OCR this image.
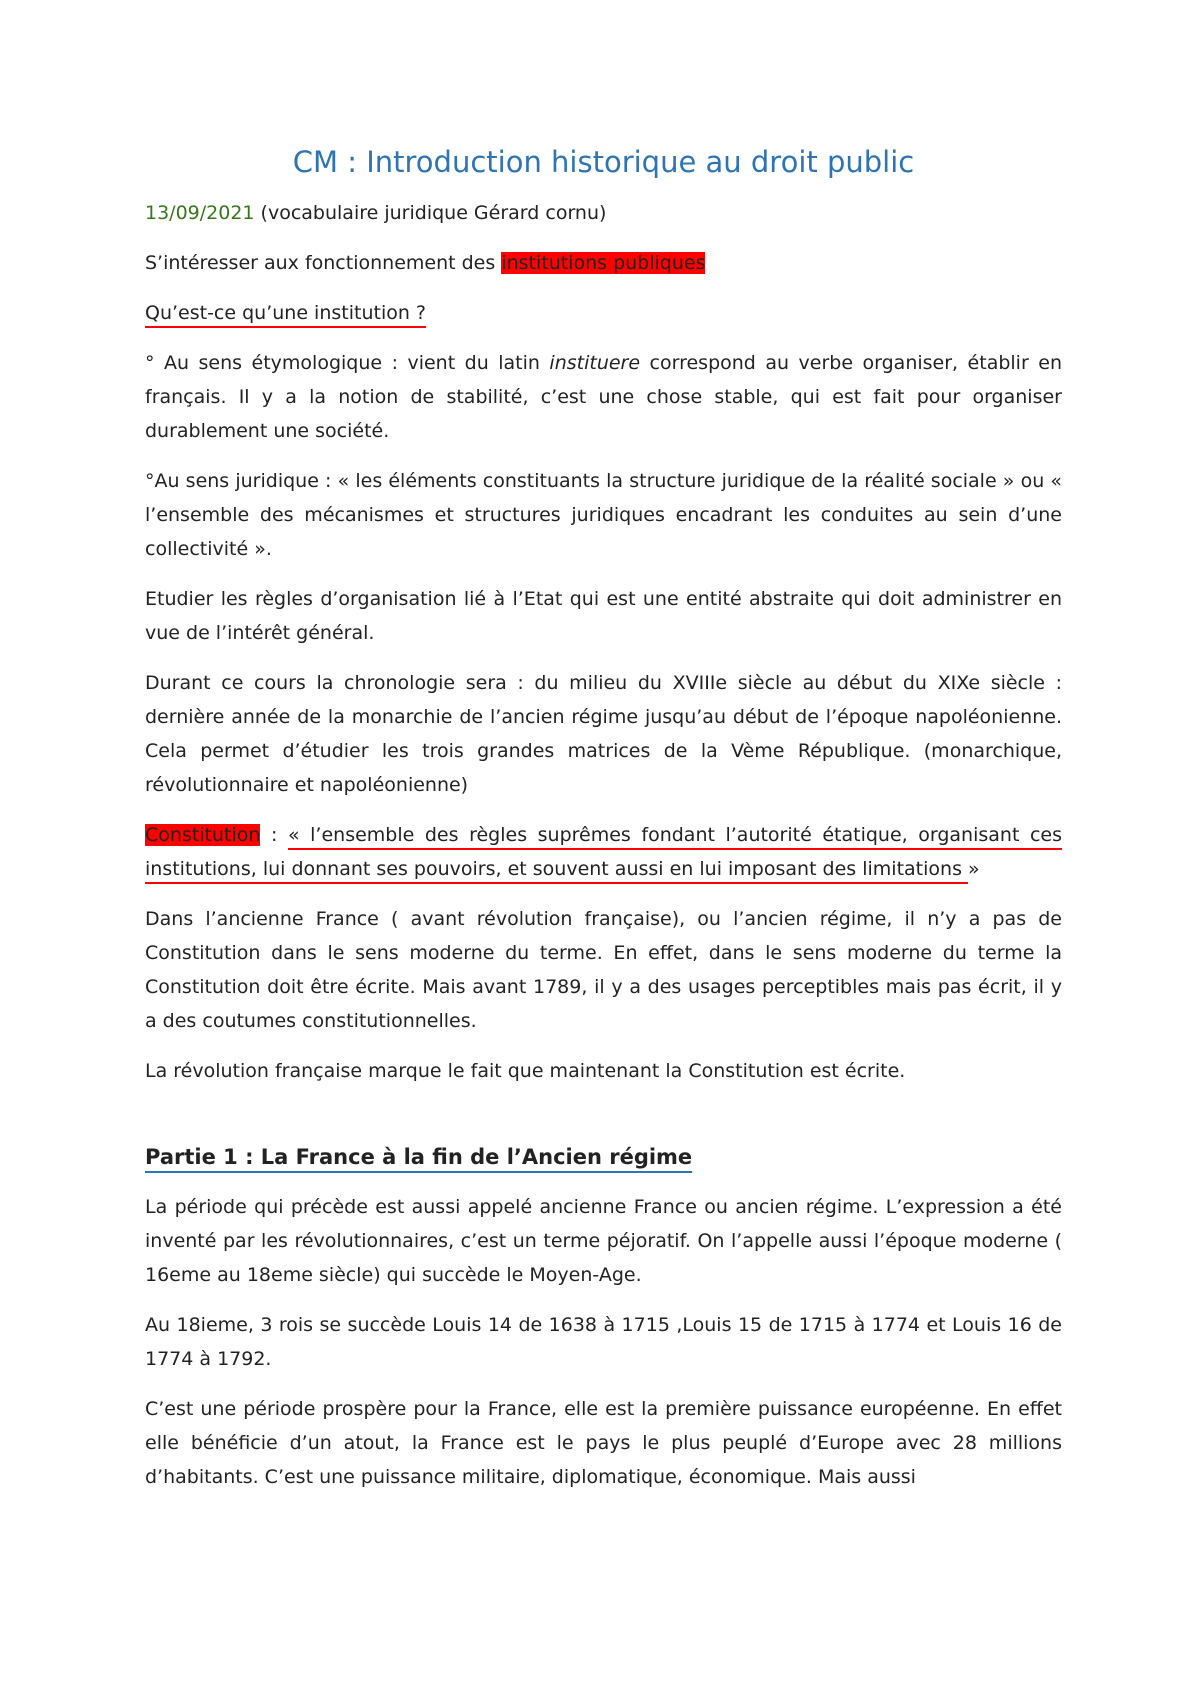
CM : Introduction historique au droit public

13/09/2021 (vocabulaire juridique Gérard cornu)

S’intéresser aux fonctionnement des institutions publiques

Qu’est-ce qu’une institution ?

° Au sens étymologique : vient du latin instituere correspond au verbe organiser, établir en français. Il y a la notion de stabilité, c’est une chose stable, qui est fait pour organiser durablement une société.

°Au sens juridique : « les éléments constituants la structure juridique de la réalité sociale » ou « l’ensemble des mécanismes et structures juridiques encadrant les conduites au sein d’une collectivité ».

Etudier les règles d’organisation lié à l’Etat qui est une entité abstraite qui doit administrer en vue de l’intérêt général.

Durant ce cours la chronologie sera : du milieu du XVIIIe siècle au début du XIXe siècle : dernière année de la monarchie de l’ancien régime jusqu’au début de l’époque napoléonienne. Cela permet d’étudier les trois grandes matrices de la Vème République. (monarchique, révolutionnaire et napoléonienne)

Constitution : « l’ensemble des règles suprêmes fondant l’autorité étatique, organisant ces institutions, lui donnant ses pouvoirs, et souvent aussi en lui imposant des limitations »

Dans l’ancienne France ( avant révolution française), ou l’ancien régime, il n’y a pas de Constitution dans le sens moderne du terme. En effet, dans le sens moderne du terme la Constitution doit être écrite. Mais avant 1789, il y a des usages perceptibles mais pas écrit, il y a des coutumes constitutionnelles.

La révolution française marque le fait que maintenant la Constitution est écrite.

Partie 1 : La France à la fin de l’Ancien régime

La période qui précède est aussi appelé ancienne France ou ancien régime. L’expression a été inventé par les révolutionnaires, c’est un terme péjoratif. On l’appelle aussi l’époque moderne ( 16eme au 18eme siècle) qui succède le Moyen-Age.

Au 18ieme, 3 rois se succède Louis 14 de 1638 à 1715 ,Louis 15 de 1715 à 1774 et Louis 16 de 1774 à 1792.

C’est une période prospère pour la France, elle est la première puissance européenne. En effet elle bénéficie d’un atout, la France est le pays le plus peuplé d’Europe avec 28 millions d’habitants. C’est une puissance militaire, diplomatique, économique. Mais aussi
